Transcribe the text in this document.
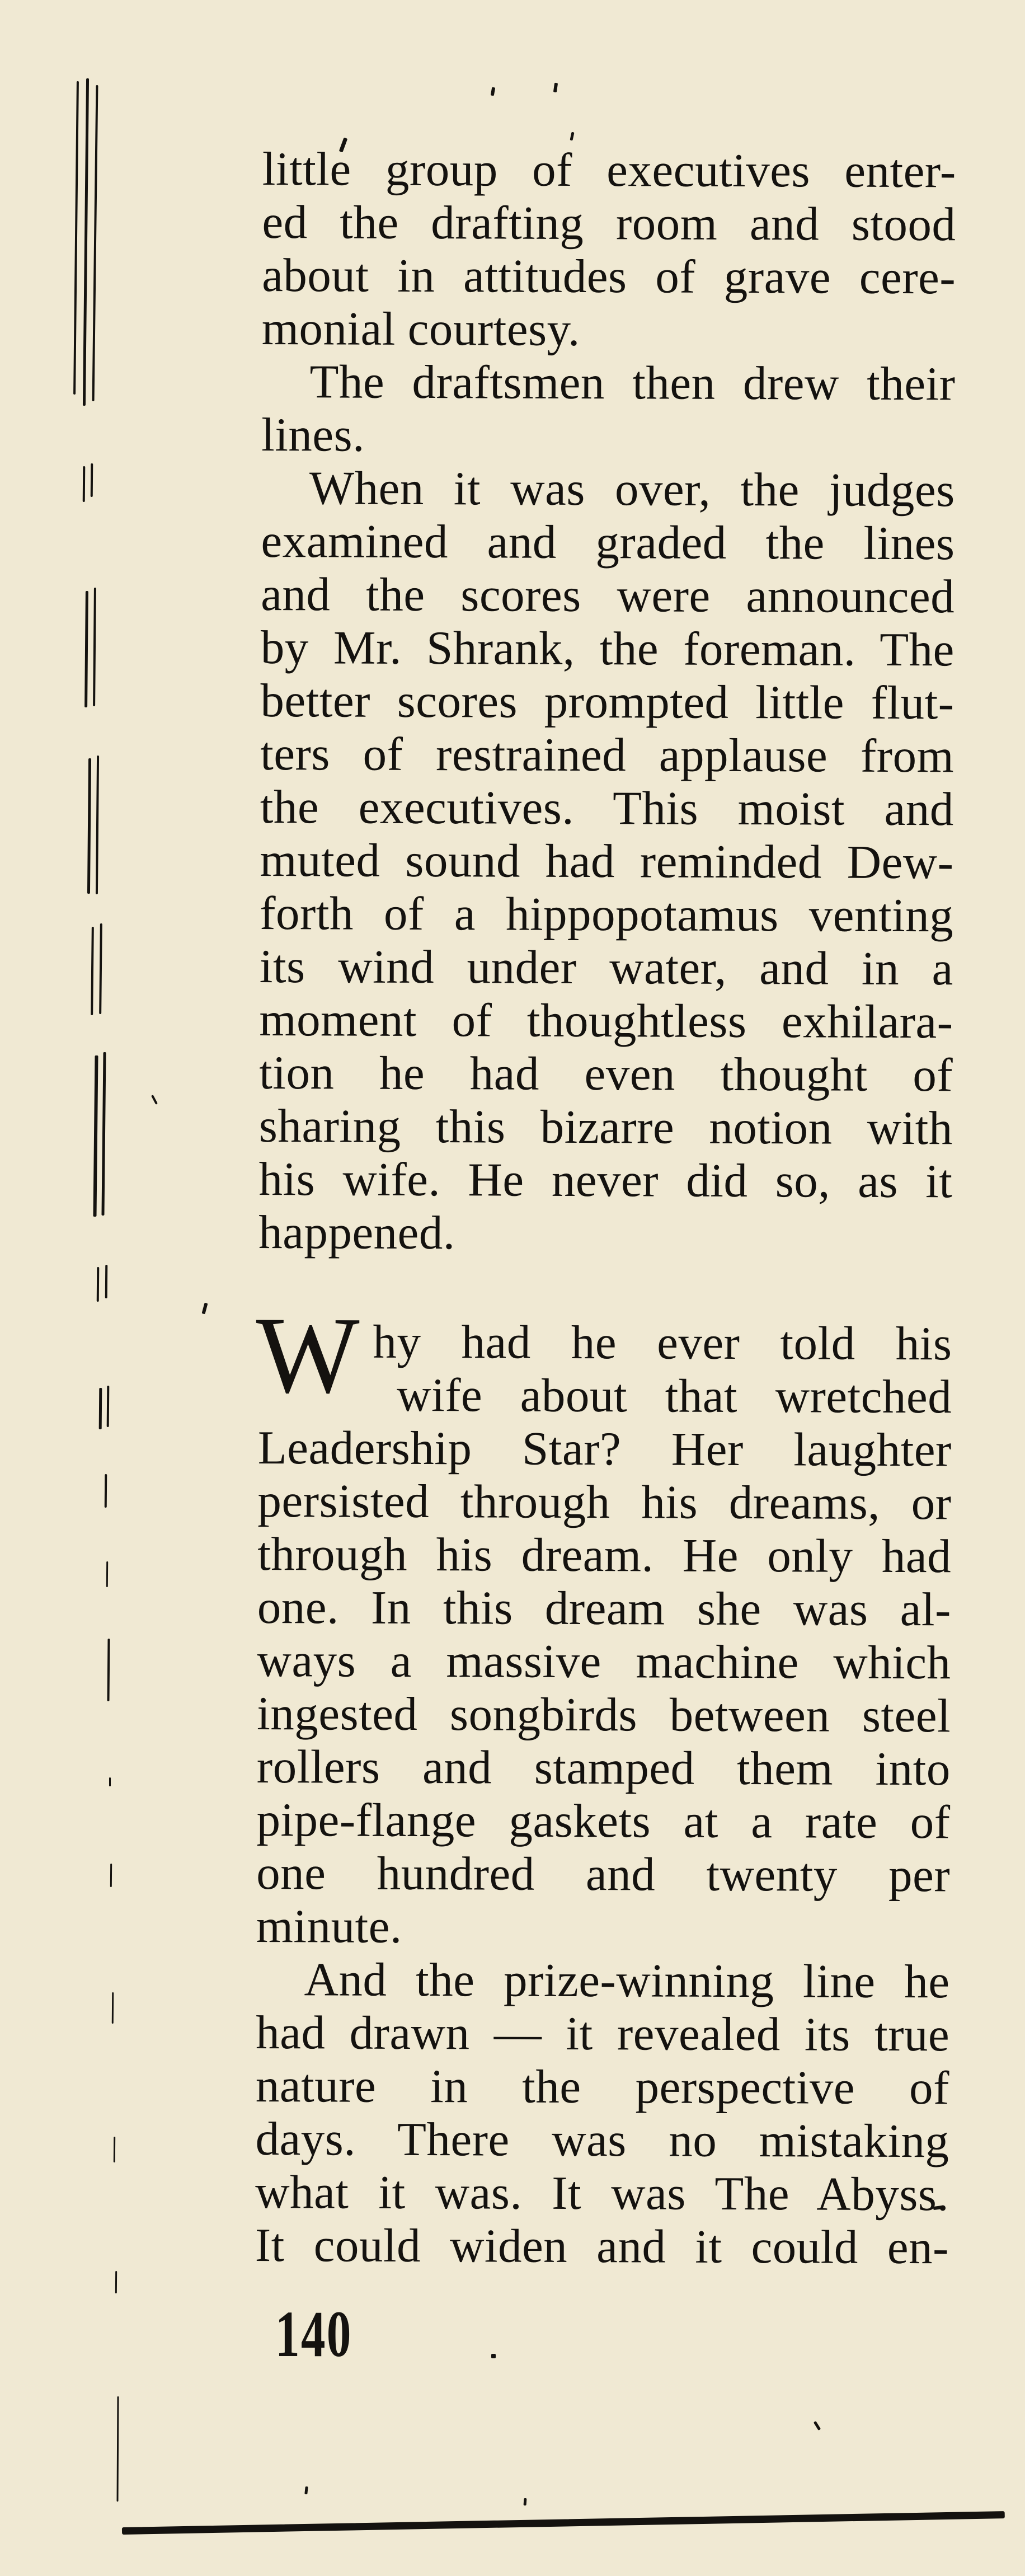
little group of executives enter-
ed the drafting room and stood
about in attitudes of grave cere-
monial courtesy.
The draftsmen then drew their
lines.
When it was over, the judges
examined and graded the lines
and the scores were announced
by Mr. Shrank, the foreman. The
better scores prompted little flut-
ters of restrained applause from
the executives. This moist and
muted sound had reminded Dew-
forth of a hippopotamus venting
its wind under water, and in a
moment of thoughtless exhilara-
tion he had even thought of
sharing this bizarre notion with
his wife. He never did so, as it
happened.
W hy had he ever told his
wife about that wretched
Leadership Star? Her laughter
persisted through his dreams, or
through his dream. He only had
one. In this dream she was al-
ways a massive machine which
ingested songbirds between steel
rollers and stamped them into
pipe-flange gaskets at a rate of
one hundred and twenty per
minute.
And the prize-winning line he
had drawn — it revealed its true
nature in the perspective of
days. There was no mistaking
what it was. It was The Abyss.
It could widen and it could en-
140
